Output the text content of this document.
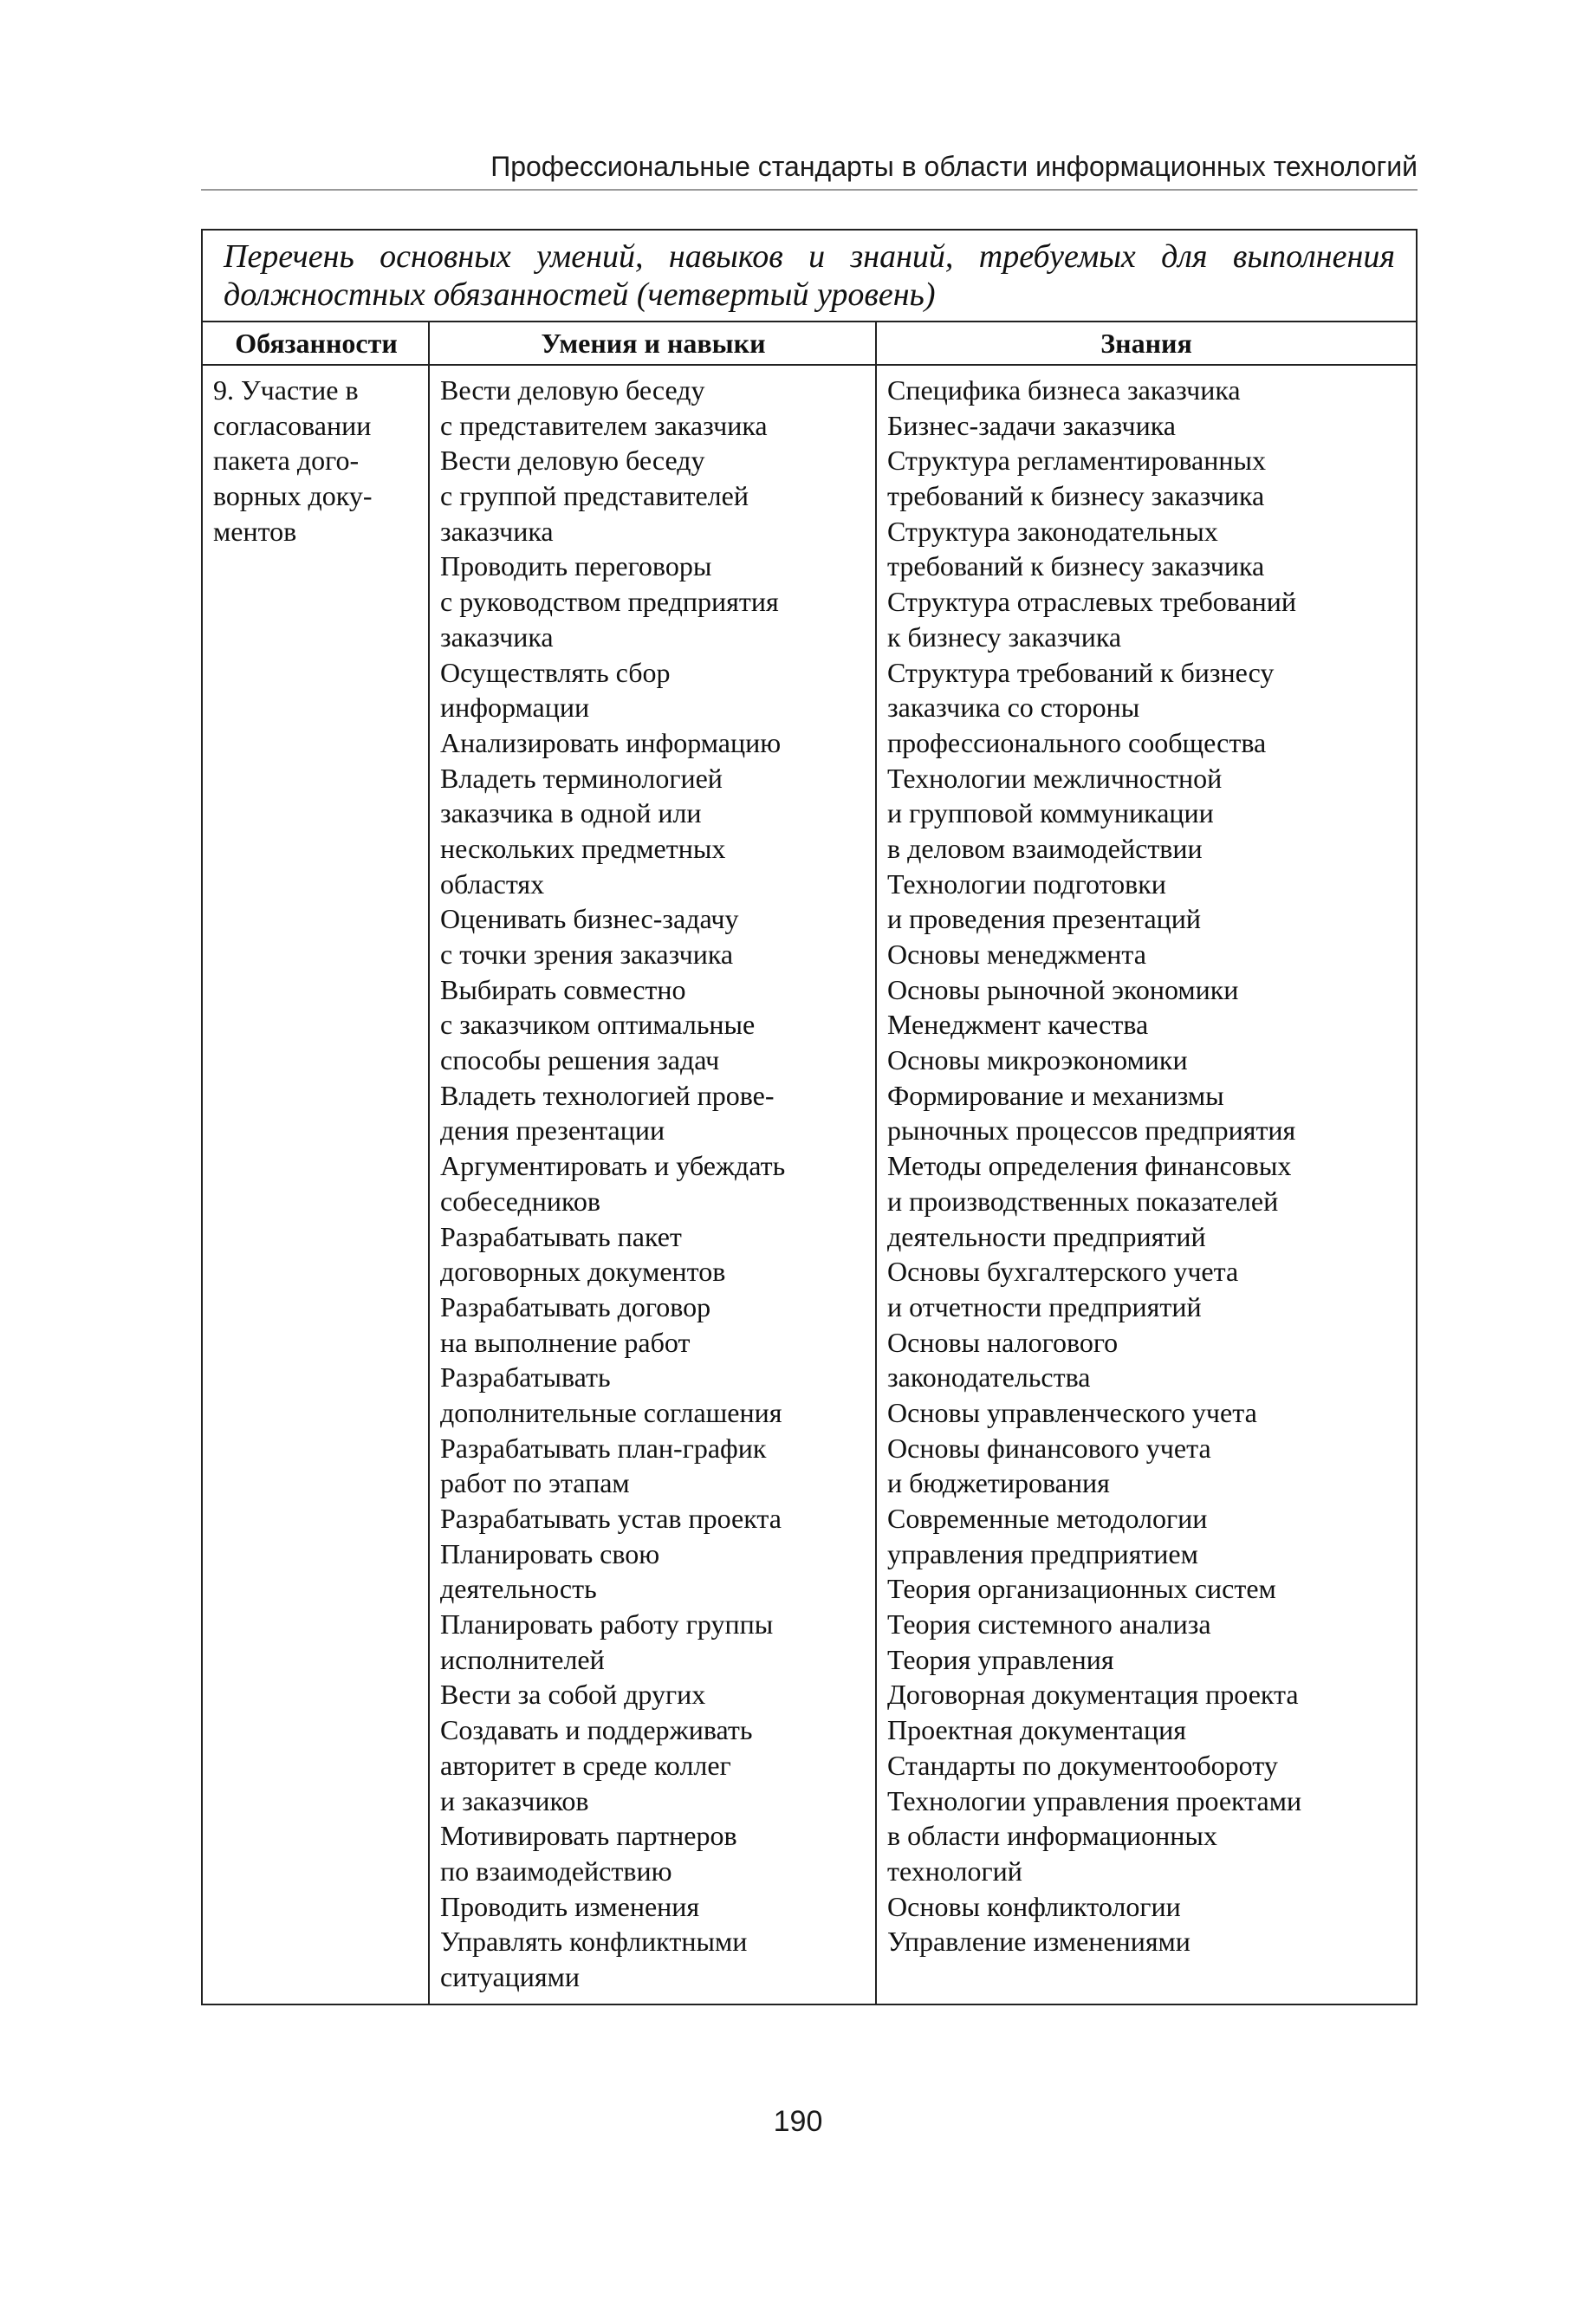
Профессиональные стандарты в области информационных технологий
Перечень основных умений, навыков и знаний, требуемых для выполнения должностных обязанностей (четвертый уровень)
Обязанности	Умения и навыки	Знания
9. Участие в
согласовании
пакета дого-
ворных доку-
ментов
Вести деловую беседу
с представителем заказчика
Вести деловую беседу
с группой представителей
заказчика
Проводить переговоры
с руководством предприятия
заказчика
Осуществлять сбор
информации
Анализировать информацию
Владеть терминологией
заказчика в одной или
нескольких предметных
областях
Оценивать бизнес-задачу
с точки зрения заказчика
Выбирать совместно
с заказчиком оптимальные
способы решения задач
Владеть технологией прове-
дения презентации
Аргументировать и убеждать
собеседников
Разрабатывать пакет
договорных документов
Разрабатывать договор
на выполнение работ
Разрабатывать
дополнительные соглашения
Разрабатывать план-график
работ по этапам
Разрабатывать устав проекта
Планировать свою
деятельность
Планировать работу группы
исполнителей
Вести за собой других
Создавать и поддерживать
авторитет в среде коллег
и заказчиков
Мотивировать партнеров
по взаимодействию
Проводить изменения
Управлять конфликтными
ситуациями
Специфика бизнеса заказчика
Бизнес-задачи заказчика
Структура регламентированных
требований к бизнесу заказчика
Структура законодательных
требований к бизнесу заказчика
Структура отраслевых требований
к бизнесу заказчика
Структура требований к бизнесу
заказчика со стороны
профессионального сообщества
Технологии межличностной
и групповой коммуникации
в деловом взаимодействии
Технологии подготовки
и проведения презентаций
Основы менеджмента
Основы рыночной экономики
Менеджмент качества
Основы микроэкономики
Формирование и механизмы
рыночных процессов предприятия
Методы определения финансовых
и производственных показателей
деятельности предприятий
Основы бухгалтерского учета
и отчетности предприятий
Основы налогового
законодательства
Основы управленческого учета
Основы финансового учета
и бюджетирования
Современные методологии
управления предприятием
Теория организационных систем
Теория системного анализа
Теория управления
Договорная документация проекта
Проектная документация
Стандарты по документообороту
Технологии управления проектами
в области информационных
технологий
Основы конфликтологии
Управление изменениями
190
